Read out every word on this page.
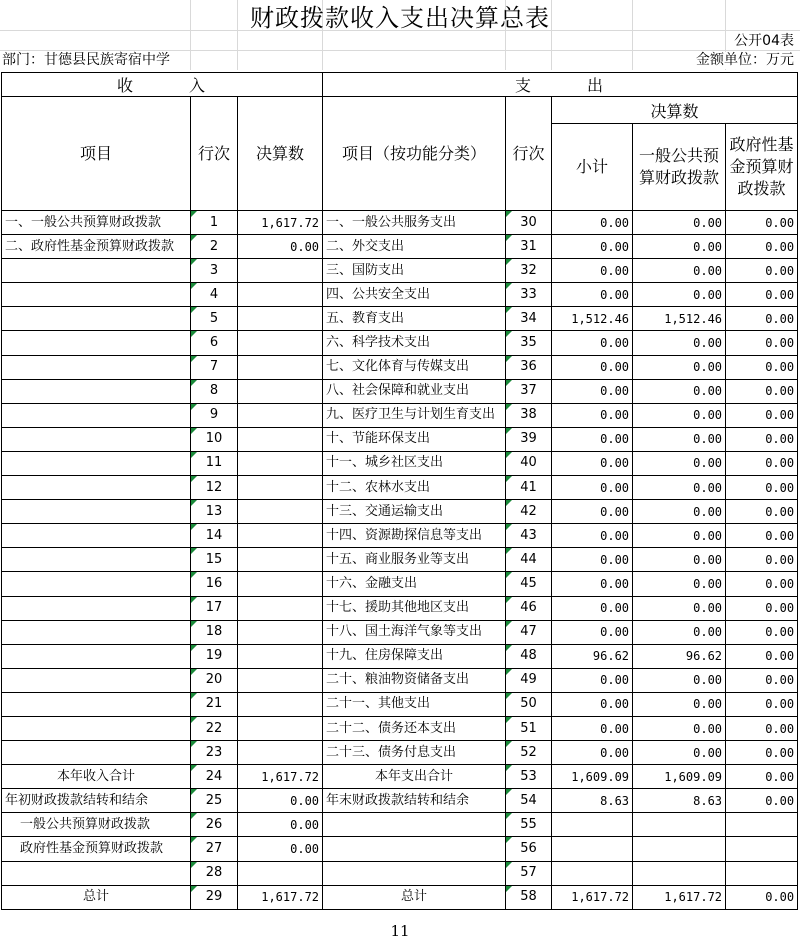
财政拨款收入支出决算总表
公开04表
部门：甘德县民族寄宿中学	金额单位：万元
收　　　入			支　　　出				
项目	行次	决算数	项目（按功能分类）	行次	决算数		
					小计	一般公共预算财政拨款	政府性基金预算财政拨款
一、一般公共预算财政拨款	1	1,617.72	一、一般公共服务支出	30	0.00	0.00	0.00
二、政府性基金预算财政拨款	2	0.00	二、外交支出	31	0.00	0.00	0.00
	3		三、国防支出	32	0.00	0.00	0.00
	4		四、公共安全支出	33	0.00	0.00	0.00
	5		五、教育支出	34	1,512.46	1,512.46	0.00
	6		六、科学技术支出	35	0.00	0.00	0.00
	7		七、文化体育与传媒支出	36	0.00	0.00	0.00
	8		八、社会保障和就业支出	37	0.00	0.00	0.00
	9		九、医疗卫生与计划生育支出	38	0.00	0.00	0.00
	10		十、节能环保支出	39	0.00	0.00	0.00
	11		十一、城乡社区支出	40	0.00	0.00	0.00
	12		十二、农林水支出	41	0.00	0.00	0.00
	13		十三、交通运输支出	42	0.00	0.00	0.00
	14		十四、资源勘探信息等支出	43	0.00	0.00	0.00
	15		十五、商业服务业等支出	44	0.00	0.00	0.00
	16		十六、金融支出	45	0.00	0.00	0.00
	17		十七、援助其他地区支出	46	0.00	0.00	0.00
	18		十八、国土海洋气象等支出	47	0.00	0.00	0.00
	19		十九、住房保障支出	48	96.62	96.62	0.00
	20		二十、粮油物资储备支出	49	0.00	0.00	0.00
	21		二十一、其他支出	50	0.00	0.00	0.00
	22		二十二、债务还本支出	51	0.00	0.00	0.00
	23		二十三、债务付息支出	52	0.00	0.00	0.00
本年收入合计	24	1,617.72	本年支出合计	53	1,609.09	1,609.09	0.00
年初财政拨款结转和结余	25	0.00	年末财政拨款结转和结余	54	8.63	8.63	0.00
一般公共预算财政拨款	26	0.00		55			
政府性基金预算财政拨款	27	0.00		56			
	28			57			
总计	29	1,617.72	总计	58	1,617.72	1,617.72	0.00
11
